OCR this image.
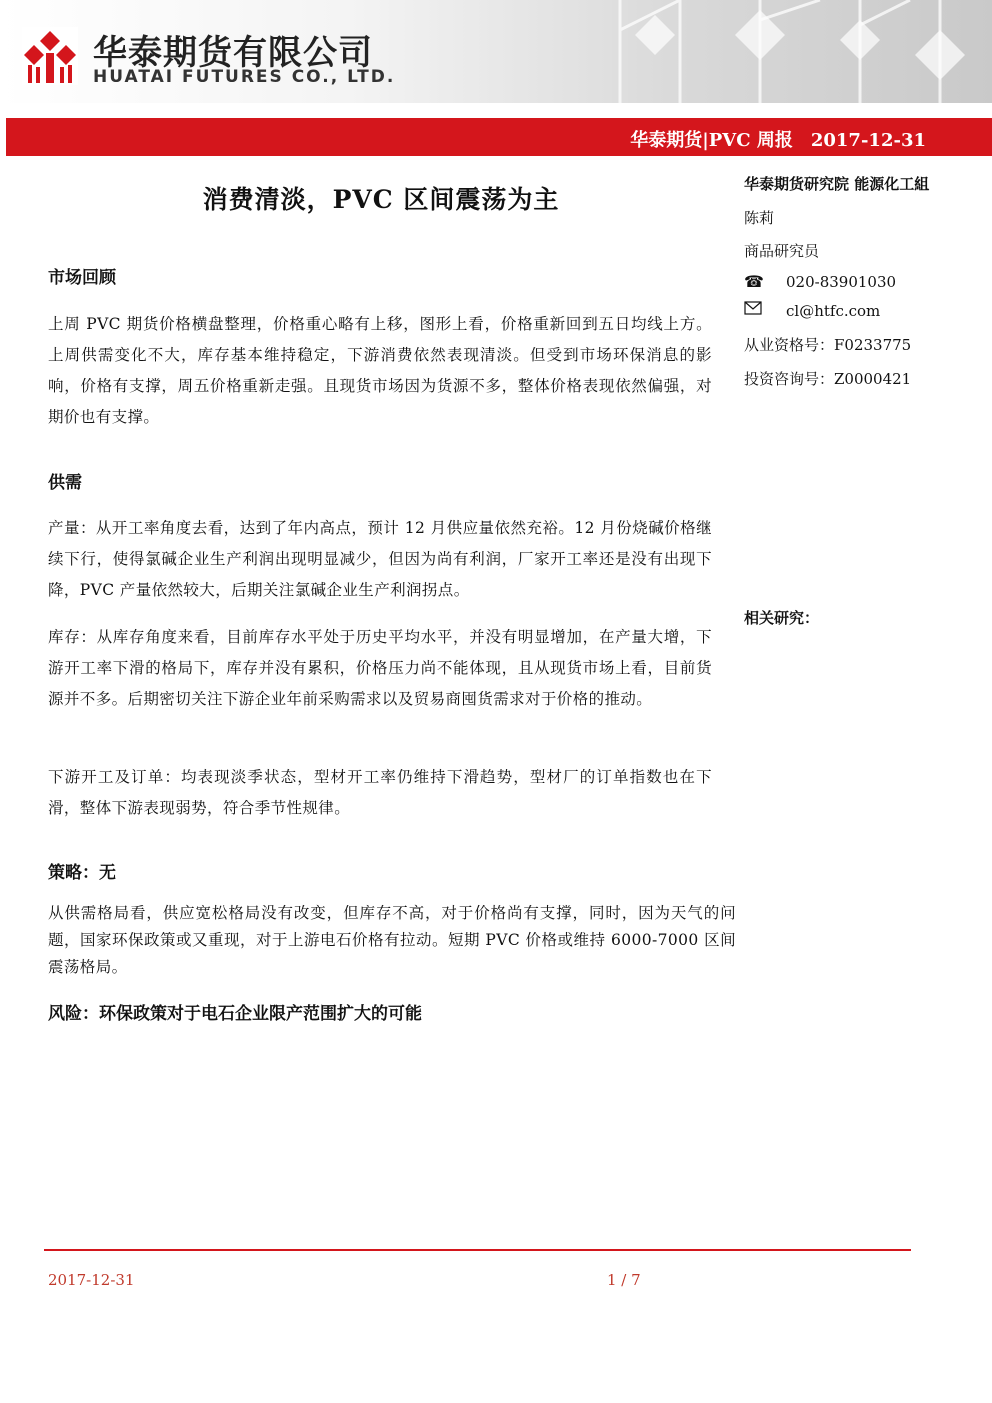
华泰期货有限公司
HUATAI FUTURES CO., LTD.
华泰期货|PVC 周报 2017-12-31
消费清淡，PVC 区间震荡为主
市场回顾
上周 PVC 期货价格横盘整理，价格重心略有上移，图形上看，价格重新回到五日均线上方。上周供需变化不大，库存基本维持稳定，下游消费依然表现清淡。但受到市场环保消息的影响，价格有支撑，周五价格重新走强。且现货市场因为货源不多，整体价格表现依然偏强，对期价也有支撑。
供需
产量：从开工率角度去看，达到了年内高点，预计 12 月供应量依然充裕。12 月份烧碱价格继续下行，使得氯碱企业生产利润出现明显减少，但因为尚有利润，厂家开工率还是没有出现下降，PVC 产量依然较大，后期关注氯碱企业生产利润拐点。
库存：从库存角度来看，目前库存水平处于历史平均水平，并没有明显增加，在产量大增，下游开工率下滑的格局下，库存并没有累积，价格压力尚不能体现，且从现货市场上看，目前货源并不多。后期密切关注下游企业年前采购需求以及贸易商囤货需求对于价格的推动。
下游开工及订单：均表现淡季状态，型材开工率仍维持下滑趋势，型材厂的订单指数也在下滑，整体下游表现弱势，符合季节性规律。
策略：无
从供需格局看，供应宽松格局没有改变，但库存不高，对于价格尚有支撑，同时，因为天气的问题，国家环保政策或又重现，对于上游电石价格有拉动。短期 PVC 价格或维持 6000-7000 区间震荡格局。
风险：环保政策对于电石企业限产范围扩大的可能
华泰期货研究院 能源化工組
陈莉
商品研究员
☎ 020-83901030
cl@htfc.com
从业资格号：F0233775
投资咨询号：Z0000421
相关研究：
2017-12-31	1 / 7
